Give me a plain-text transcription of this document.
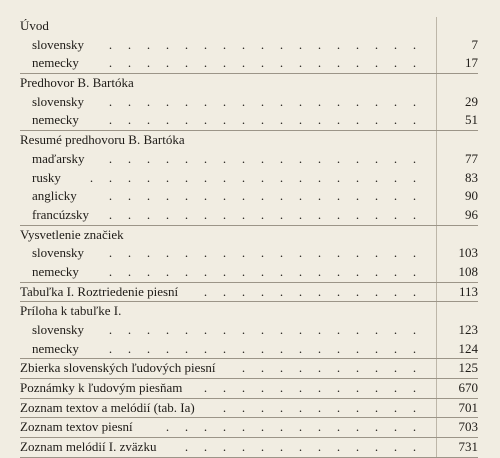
Úvod
slovensky	. . . . . . . . . . . . . . . . .	7
nemecky	. . . . . . . . . . . . . . . . .	17
Predhovor B. Bartóka
slovensky	. . . . . . . . . . . . . . . . .	29
nemecky	. . . . . . . . . . . . . . . . .	51
Resumé predhovoru B. Bartóka
maďarsky	. . . . . . . . . . . . . . . . .	77
rusky	. . . . . . . . . . . . . . . . . .	83
anglicky	. . . . . . . . . . . . . . . . .	90
francúzsky	. . . . . . . . . . . . . . . . .	96
Vysvetlenie značiek
slovensky	. . . . . . . . . . . . . . . . .	103
nemecky	. . . . . . . . . . . . . . . . .	108
Tabuľka I. Roztriedenie piesní	. . . . . . . . . . . .	113
Príloha k tabuľke I.
slovensky	. . . . . . . . . . . . . . . . .	123
nemecky	. . . . . . . . . . . . . . . . .	124
Zbierka slovenských ľudových piesní	. . . . . . . . . .	125
Poznámky k ľudovým piesňam	. . . . . . . . . . . .	670
Zoznam textov a melódií (tab. Ia)	. . . . . . . . . . .	701
Zoznam textov piesní	. . . . . . . . . . . . . .	703
Zoznam melódií I. zväzku	. . . . . . . . . . . . .	731
